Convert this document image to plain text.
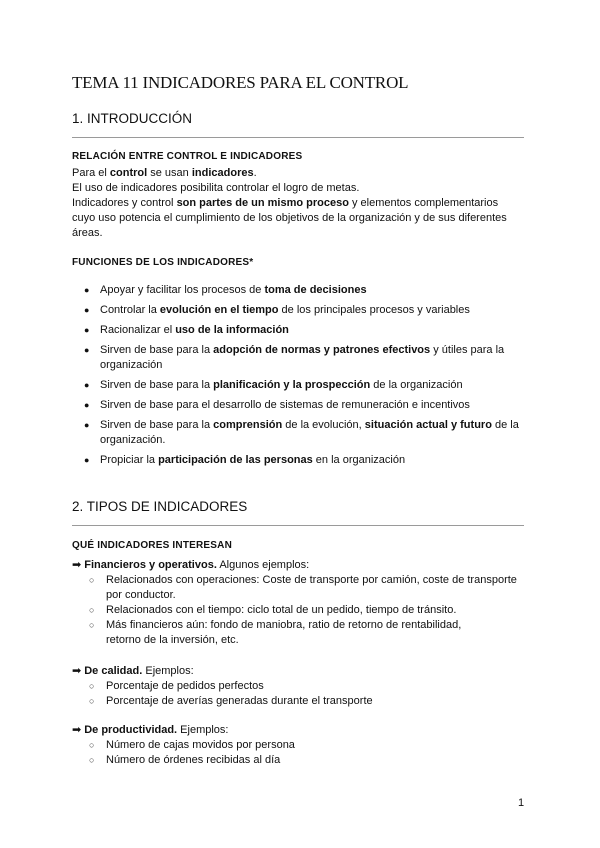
TEMA 11 INDICADORES PARA EL CONTROL
1. INTRODUCCIÓN
RELACIÓN ENTRE CONTROL E INDICADORES
Para el control se usan indicadores.
El uso de indicadores posibilita controlar el logro de metas.
Indicadores y control son partes de un mismo proceso y elementos complementarios
cuyo uso potencia el cumplimiento de los objetivos de la organización y de sus diferentes
áreas.
FUNCIONES DE LOS INDICADORES*
● Apoyar y facilitar los procesos de toma de decisiones
● Controlar la evolución en el tiempo de los principales procesos y variables
● Racionalizar el uso de la información
● Sirven de base para la adopción de normas y patrones efectivos y útiles para la organización
● Sirven de base para la planificación y la prospección de la organización
● Sirven de base para el desarrollo de sistemas de remuneración e incentivos
● Sirven de base para la comprensión de la evolución, situación actual y futuro de la organización.
● Propiciar la participación de las personas en la organización
2. TIPOS DE INDICADORES
QUÉ INDICADORES INTERESAN
➡ Financieros y operativos. Algunos ejemplos:
○ Relacionados con operaciones: Coste de transporte por camión, coste de transporte por conductor.
○ Relacionados con el tiempo: ciclo total de un pedido, tiempo de tránsito.
○ Más financieros aún: fondo de maniobra, ratio de retorno de rentabilidad, retorno de la inversión, etc.
➡ De calidad. Ejemplos:
○ Porcentaje de pedidos perfectos
○ Porcentaje de averías generadas durante el transporte
➡ De productividad. Ejemplos:
○ Número de cajas movidos por persona
○ Número de órdenes recibidas al día
1
